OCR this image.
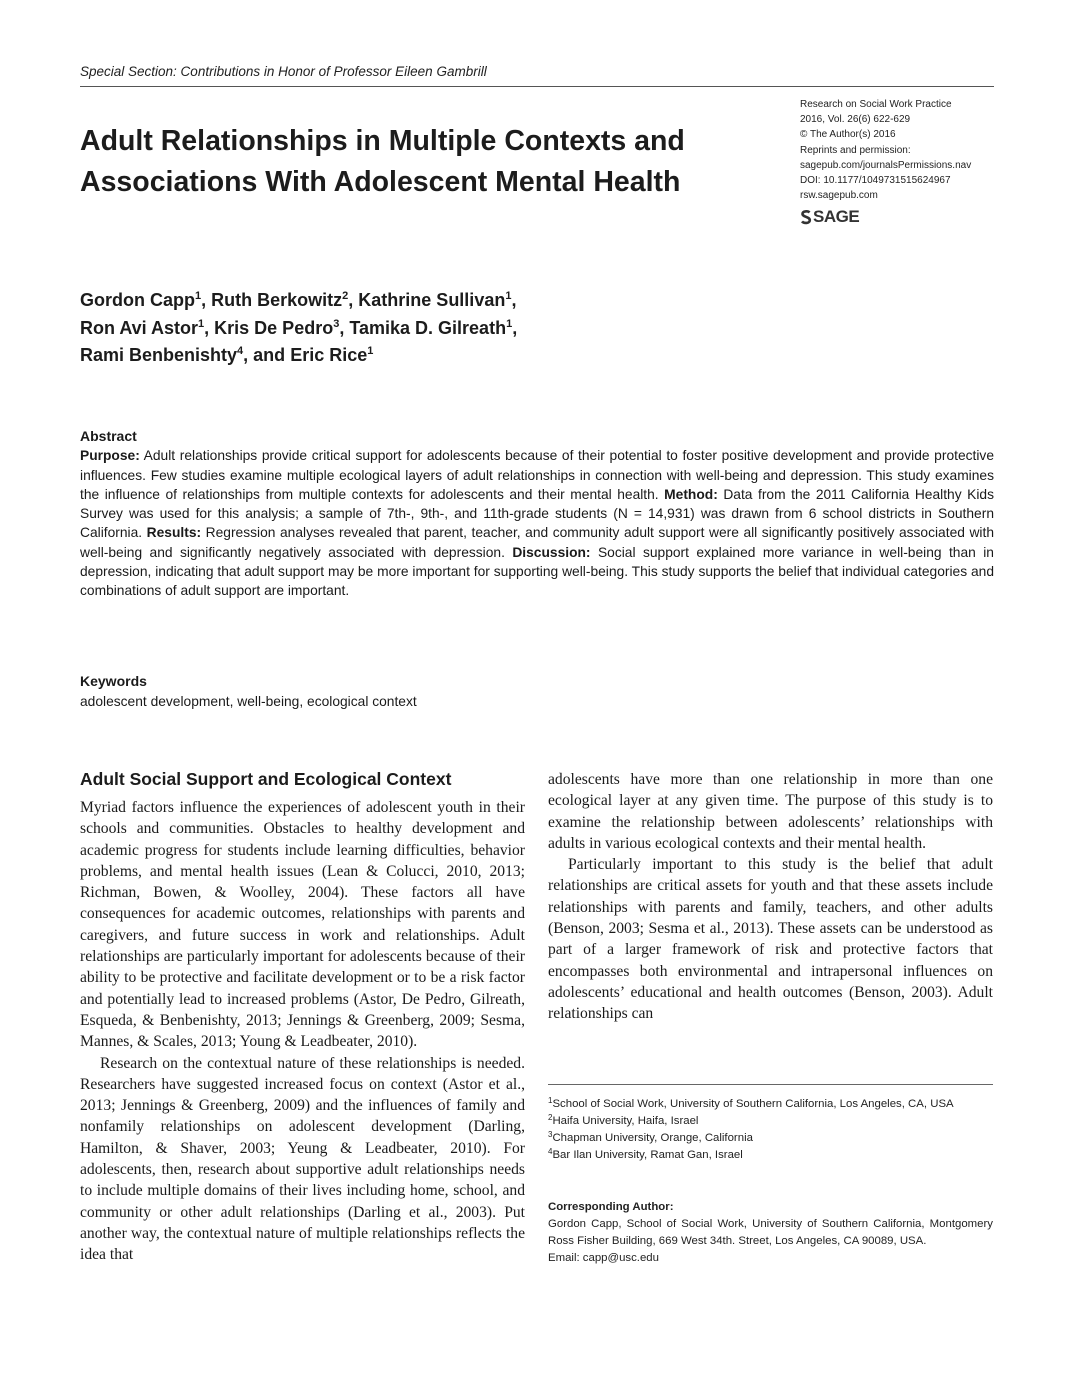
Special Section: Contributions in Honor of Professor Eileen Gambrill
Adult Relationships in Multiple Contexts and Associations With Adolescent Mental Health
Research on Social Work Practice
2016, Vol. 26(6) 622-629
© The Author(s) 2016
Reprints and permission:
sagepub.com/journalsPermissions.nav
DOI: 10.1177/1049731515624967
rsw.sagepub.com
SAGE
Gordon Capp$^1$, Ruth Berkowitz$^2$, Kathrine Sullivan$^1$,
Ron Avi Astor$^1$, Kris De Pedro$^3$, Tamika D. Gilreath$^1$,
Rami Benbenishty$^4$, and Eric Rice$^1$
Abstract
Purpose: Adult relationships provide critical support for adolescents because of their potential to foster positive development and provide protective influences. Few studies examine multiple ecological layers of adult relationships in connection with well-being and depression. This study examines the influence of relationships from multiple contexts for adolescents and their mental health. Method: Data from the 2011 California Healthy Kids Survey was used for this analysis; a sample of 7th-, 9th-, and 11th-grade students (N = 14,931) was drawn from 6 school districts in Southern California. Results: Regression analyses revealed that parent, teacher, and community adult support were all significantly positively associated with well-being and significantly negatively associated with depression. Discussion: Social support explained more variance in well-being than in depression, indicating that adult support may be more important for supporting well-being. This study supports the belief that individual categories and combinations of adult support are important.
Keywords
adolescent development, well-being, ecological context
Adult Social Support and Ecological Context

Myriad factors influence the experiences of adolescent youth in their schools and communities. Obstacles to healthy development and academic progress for students include learning difficulties, behavior problems, and mental health issues (Lean & Colucci, 2010, 2013; Richman, Bowen, & Woolley, 2004). These factors all have consequences for academic outcomes, relationships with parents and caregivers, and future success in work and relationships. Adult relationships are particularly important for adolescents because of their ability to be protective and facilitate development or to be a risk factor and potentially lead to increased problems (Astor, De Pedro, Gilreath, Esqueda, & Benbenishty, 2013; Jennings & Greenberg, 2009; Sesma, Mannes, & Scales, 2013; Young & Leadbeater, 2010).

Research on the contextual nature of these relationships is needed. Researchers have suggested increased focus on context (Astor et al., 2013; Jennings & Greenberg, 2009) and the influences of family and nonfamily relationships on adolescent development (Darling, Hamilton, & Shaver, 2003; Yeung & Leadbeater, 2010). For adolescents, then, research about supportive adult relationships needs to include multiple domains of their lives including home, school, and community or other adult relationships (Darling et al., 2003). Put another way, the contextual nature of multiple relationships reflects the idea that

adolescents have more than one relationship in more than one ecological layer at any given time. The purpose of this study is to examine the relationship between adolescents’ relationships with adults in various ecological contexts and their mental health.

Particularly important to this study is the belief that adult relationships are critical assets for youth and that these assets include relationships with parents and family, teachers, and other adults (Benson, 2003; Sesma et al., 2013). These assets can be understood as part of a larger framework of risk and protective factors that encompasses both environmental and intrapersonal influences on adolescents’ educational and health outcomes (Benson, 2003). Adult relationships can

$^1$School of Social Work, University of Southern California, Los Angeles, CA, USA
$^2$Haifa University, Haifa, Israel
$^3$Chapman University, Orange, California
$^4$Bar Ilan University, Ramat Gan, Israel
Corresponding Author:
Gordon Capp, School of Social Work, University of Southern California, Montgomery Ross Fisher Building, 669 West 34th. Street, Los Angeles, CA 90089, USA.
Email: capp@usc.edu
